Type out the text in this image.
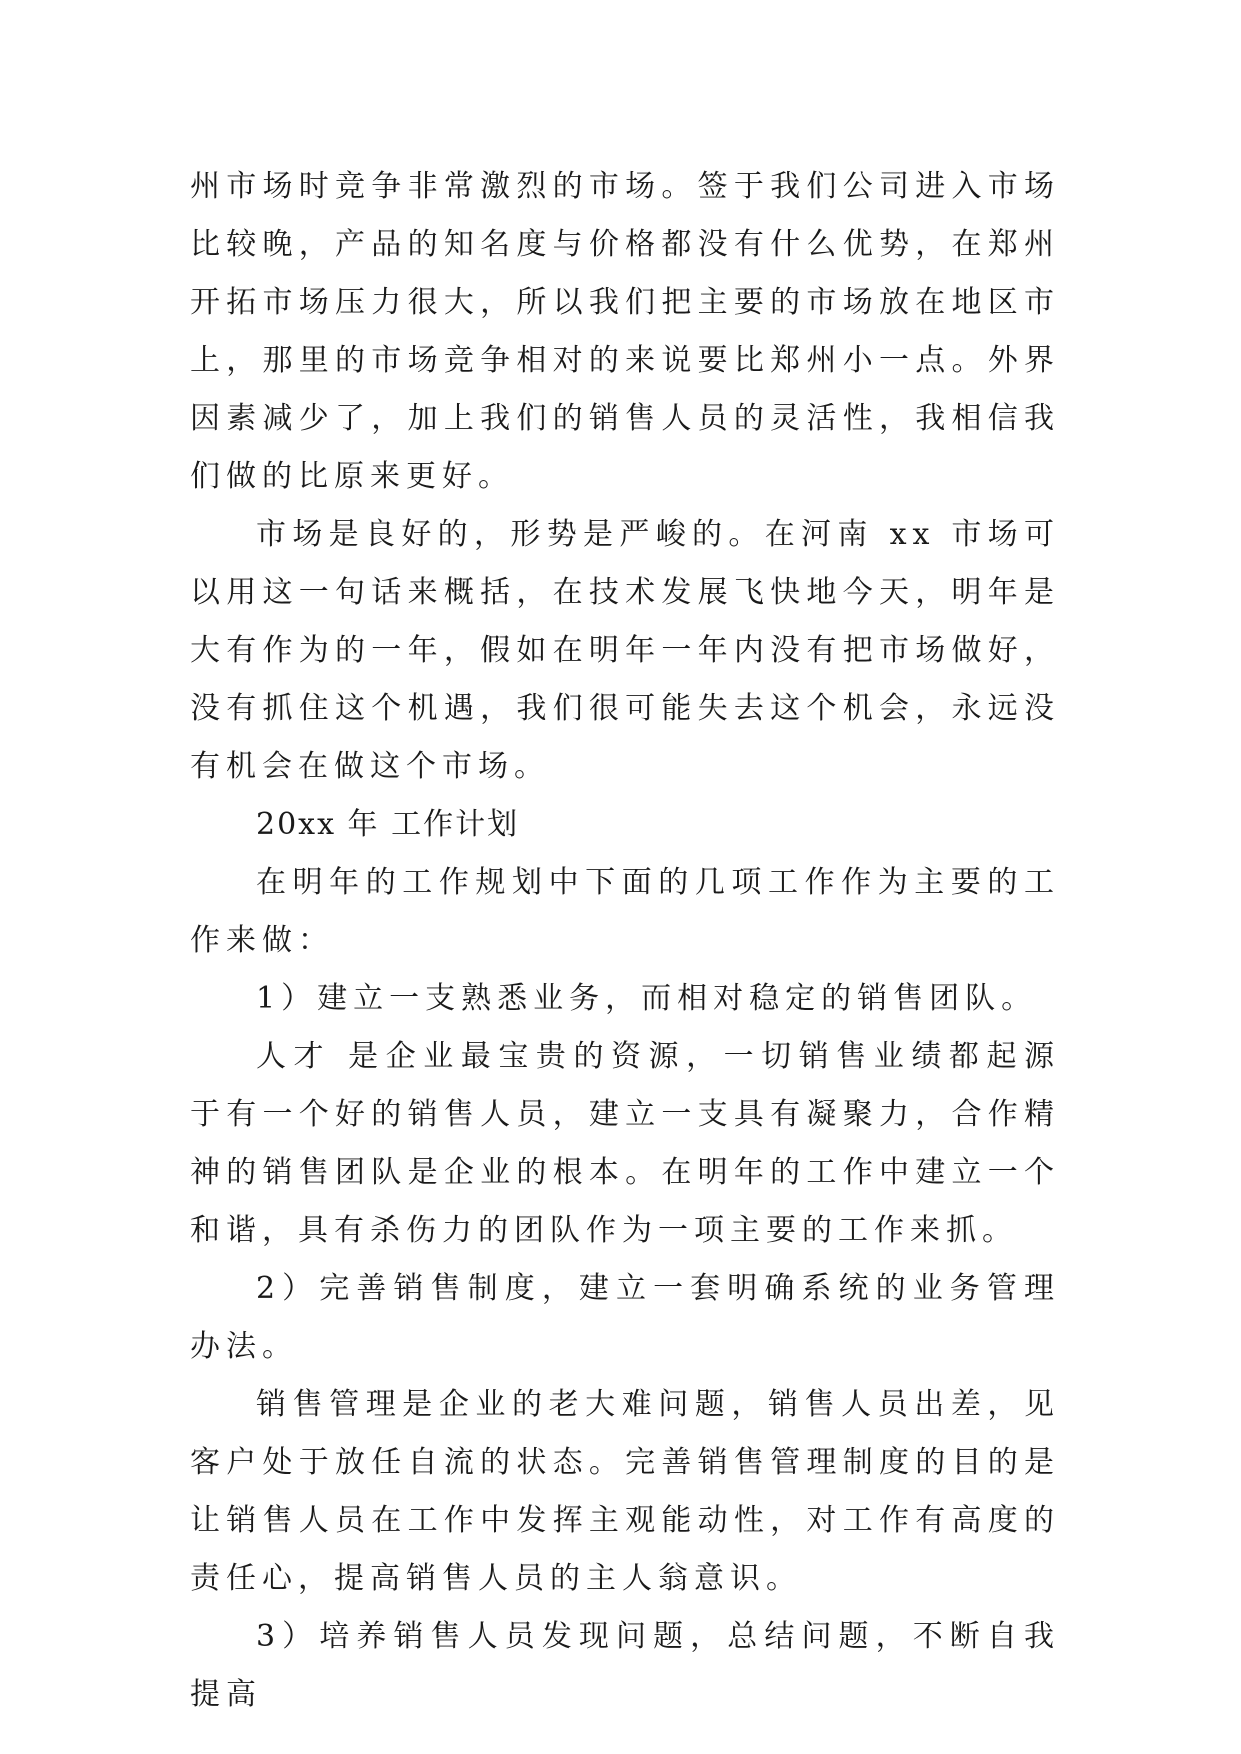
州市场时竞争非常激烈的市场。签于我们公司进入市场比较晚，产品的知名度与价格都没有什么优势，在郑州开拓市场压力很大，所以我们把主要的市场放在地区市上，那里的市场竞争相对的来说要比郑州小一点。外界因素减少了，加上我们的销售人员的灵活性，我相信我们做的比原来更好。

市场是良好的，形势是严峻的。在河南 xx 市场可以用这一句话来概括，在技术发展飞快地今天，明年是大有作为的一年，假如在明年一年内没有把市场做好，没有抓住这个机遇，我们很可能失去这个机会，永远没有机会在做这个市场。

20xx 年 工作计划

在明年的工作规划中下面的几项工作作为主要的工作来做：

1）建立一支熟悉业务，而相对稳定的销售团队。

人才 是企业最宝贵的资源，一切销售业绩都起源于有一个好的销售人员，建立一支具有凝聚力，合作精神的销售团队是企业的根本。在明年的工作中建立一个和谐，具有杀伤力的团队作为一项主要的工作来抓。

2）完善销售制度，建立一套明确系统的业务管理办法。

销售管理是企业的老大难问题，销售人员出差，见客户处于放任自流的状态。完善销售管理制度的目的是让销售人员在工作中发挥主观能动性，对工作有高度的责任心，提高销售人员的主人翁意识。

3）培养销售人员发现问题，总结问题，不断自我提高
